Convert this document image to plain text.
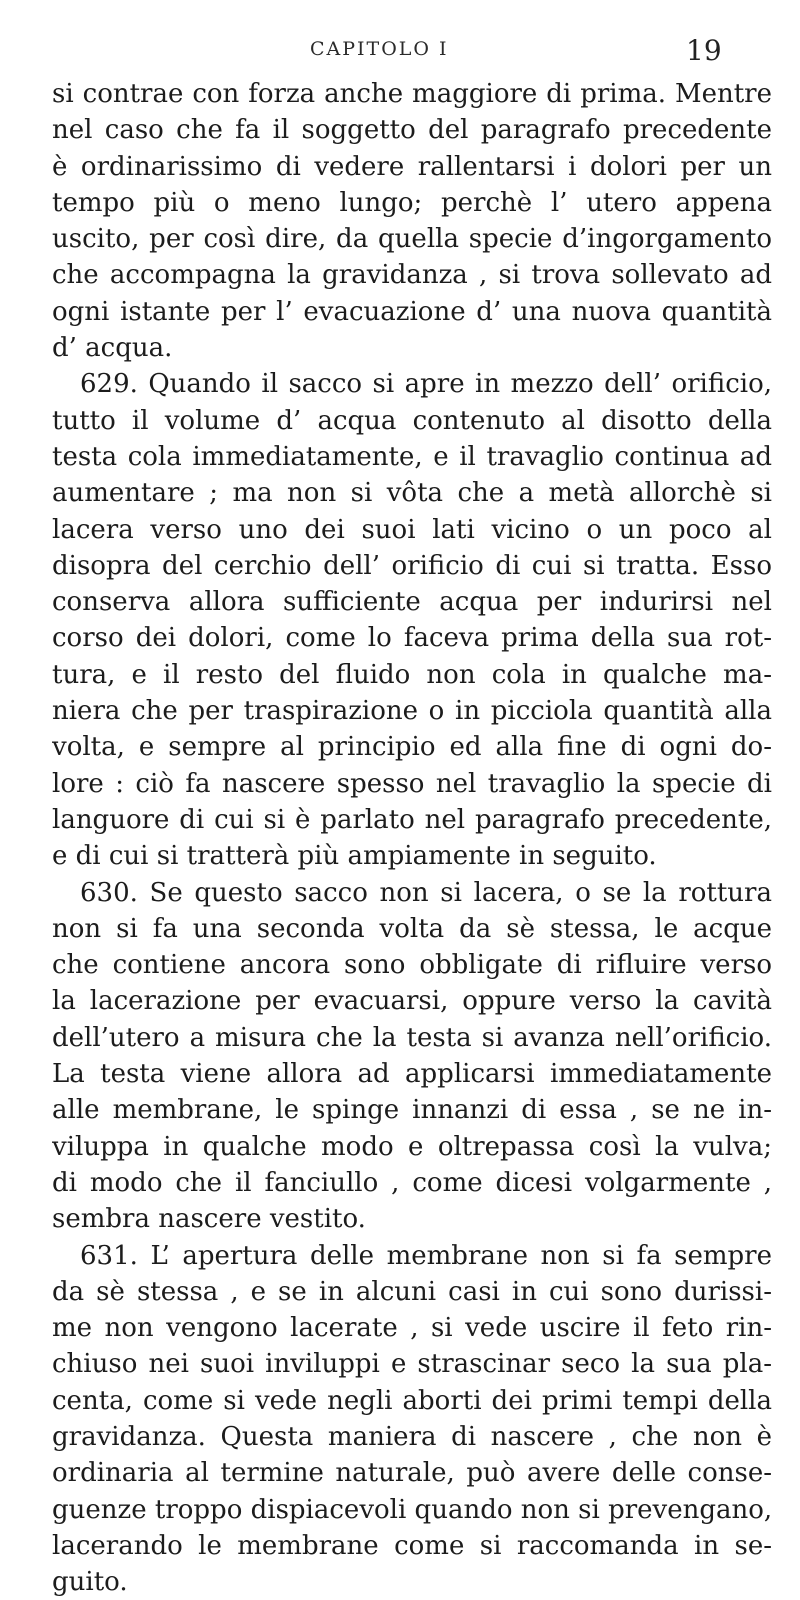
CAPITOLO I	19
si contrae con forza anche maggiore di prima. Mentre
nel caso che fa il soggetto del paragrafo precedente
è ordinarissimo di vedere rallentarsi i dolori per un
tempo più o meno lungo; perchè l’ utero appena
uscito, per così dire, da quella specie d’ingorgamento
che accompagna la gravidanza , si trova sollevato ad
ogni istante per l’ evacuazione d’ una nuova quantità
d’ acqua.
629. Quando il sacco si apre in mezzo dell’ orificio,
tutto il volume d’ acqua contenuto al disotto della
testa cola immediatamente, e il travaglio continua ad
aumentare ; ma non si vôta che a metà allorchè si
lacera verso uno dei suoi lati vicino o un poco al
disopra del cerchio dell’ orificio di cui si tratta. Esso
conserva allora sufficiente acqua per indurirsi nel
corso dei dolori, come lo faceva prima della sua rot-
tura, e il resto del fluido non cola in qualche ma-
niera che per traspirazione o in picciola quantità alla
volta, e sempre al principio ed alla fine di ogni do-
lore : ciò fa nascere spesso nel travaglio la specie di
languore di cui si è parlato nel paragrafo precedente,
e di cui si tratterà più ampiamente in seguito.
630. Se questo sacco non si lacera, o se la rottura
non si fa una seconda volta da sè stessa, le acque
che contiene ancora sono obbligate di rifluire verso
la lacerazione per evacuarsi, oppure verso la cavità
dell’utero a misura che la testa si avanza nell’orificio.
La testa viene allora ad applicarsi immediatamente
alle membrane, le spinge innanzi di essa , se ne in-
viluppa in qualche modo e oltrepassa così la vulva;
di modo che il fanciullo , come dicesi volgarmente ,
sembra nascere vestito.
631. L’ apertura delle membrane non si fa sempre
da sè stessa , e se in alcuni casi in cui sono durissi-
me non vengono lacerate , si vede uscire il feto rin-
chiuso nei suoi inviluppi e strascinar seco la sua pla-
centa, come si vede negli aborti dei primi tempi della
gravidanza. Questa maniera di nascere , che non è
ordinaria al termine naturale, può avere delle conse-
guenze troppo dispiacevoli quando non si prevengano,
lacerando le membrane come si raccomanda in se-
guito.
